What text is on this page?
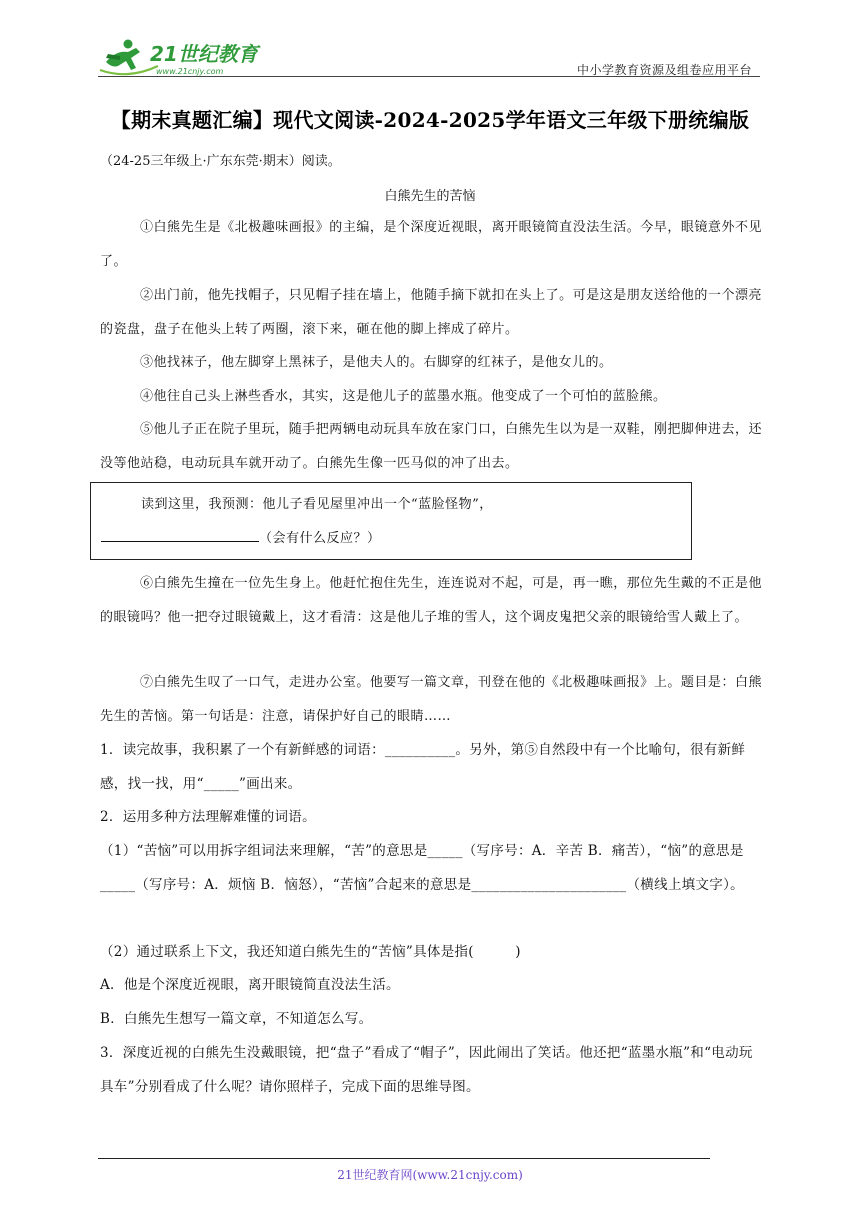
21世纪教育
www.21cnjy.com	中小学教育资源及组卷应用平台
【期末真题汇编】现代文阅读-2024-2025学年语文三年级下册统编版
（24-25三年级上·广东东莞·期末）阅读。
白熊先生的苦恼

①白熊先生是《北极趣味画报》的主编，是个深度近视眼，离开眼镜简直没法生活。今早，眼镜意外不见了。

②出门前，他先找帽子，只见帽子挂在墙上，他随手摘下就扣在头上了。可是这是朋友送给他的一个漂亮的瓷盘，盘子在他头上转了两圈，滚下来，砸在他的脚上摔成了碎片。

③他找袜子，他左脚穿上黑袜子，是他夫人的。右脚穿的红袜子，是他女儿的。

④他往自己头上淋些香水，其实，这是他儿子的蓝墨水瓶。他变成了一个可怕的蓝脸熊。

⑤他儿子正在院子里玩，随手把两辆电动玩具车放在家门口，白熊先生以为是一双鞋，刚把脚伸进去，还没等他站稳，电动玩具车就开动了。白熊先生像一匹马似的冲了出去。

读到这里，我预测：他儿子看见屋里冲出一个“蓝脸怪物”，
（会有什么反应？）

⑥白熊先生撞在一位先生身上。他赶忙抱住先生，连连说对不起，可是，再一瞧，那位先生戴的不正是他的眼镜吗？他一把夺过眼镜戴上，这才看清：这是他儿子堆的雪人，这个调皮鬼把父亲的眼镜给雪人戴上了。

⑦白熊先生叹了一口气，走进办公室。他要写一篇文章，刊登在他的《北极趣味画报》上。题目是：白熊先生的苦恼。第一句话是：注意，请保护好自己的眼睛……

1．读完故事，我积累了一个有新鲜感的词语：__________。另外，第⑤自然段中有一个比喻句，很有新鲜感，找一找，用“_____”画出来。

2．运用多种方法理解难懂的词语。

（1）“苦恼”可以用拆字组词法来理解，“苦”的意思是_____（写序号：A．辛苦 B．痛苦），“恼”的意思是_____（写序号：A．烦恼 B．恼怒），“苦恼”合起来的意思是______________________（横线上填文字）。

（2）通过联系上下文，我还知道白熊先生的“苦恼”具体是指(　　　)

A．他是个深度近视眼，离开眼镜简直没法生活。

B．白熊先生想写一篇文章，不知道怎么写。

3．深度近视的白熊先生没戴眼镜，把“盘子”看成了“帽子”，因此闹出了笑话。他还把“蓝墨水瓶”和“电动玩具车”分别看成了什么呢？请你照样子，完成下面的思维导图。

21世纪教育网(www.21cnjy.com)
